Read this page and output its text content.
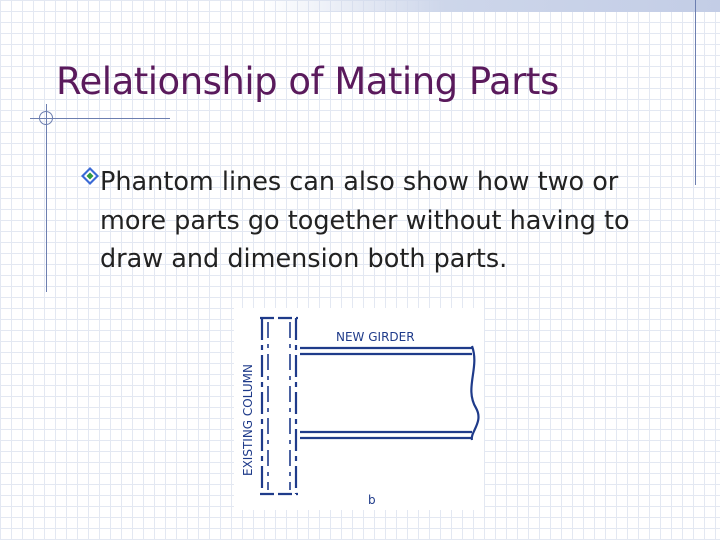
Relationship of Mating Parts

Phantom lines can also show how two or more parts go together without having to draw and dimension both parts.

NEW GIRDER
EXISTING COLUMN
b
